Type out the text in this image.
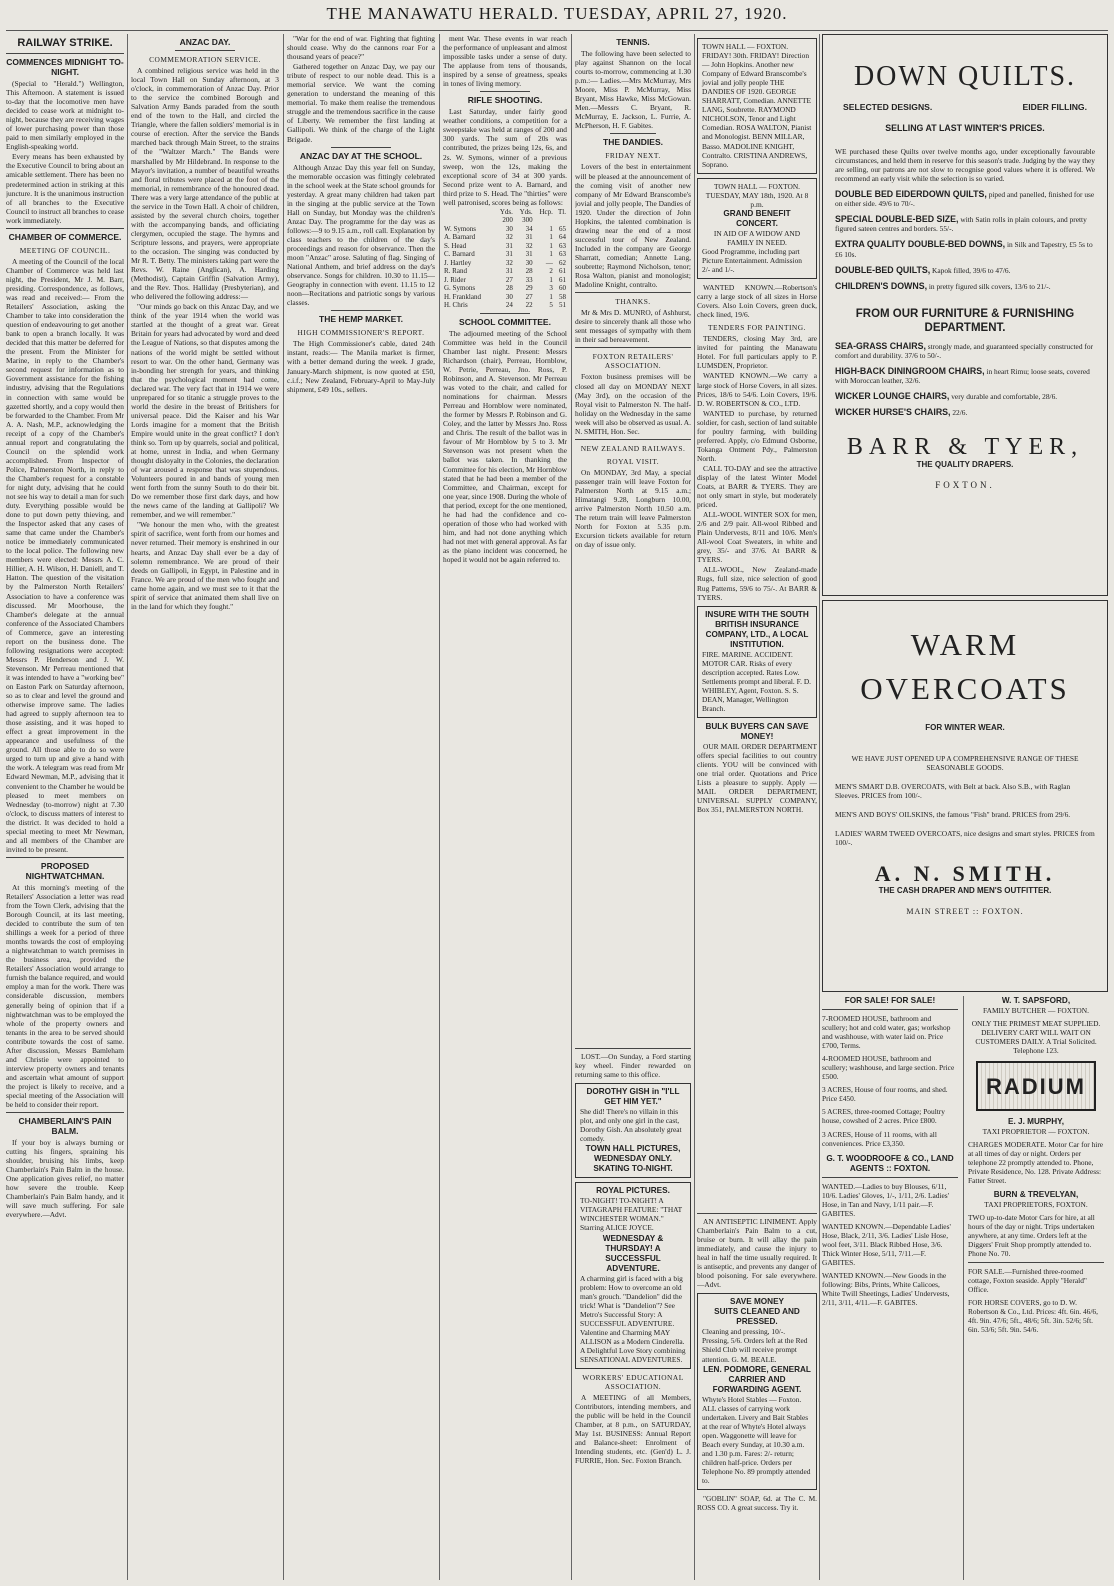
THE MANAWATU HERALD. TUESDAY, APRIL 27, 1920.
RAILWAY STRIKE.
COMMENCES MIDNIGHT TO-NIGHT.

(Special to "Herald.") Wellington, This Afternoon. A statement is issued to-day that the locomotive men have decided to cease work at midnight to-night, because they are receiving wages of lower purchasing power than those paid to men similarly employed in the English-speaking world.

Every means has been exhausted by the Executive Council to bring about an amicable settlement. There has been no predetermined action in striking at this juncture. It is the unanimous instruction of all branches to the Executive Council to instruct all branches to cease work immediately.

CHAMBER OF COMMERCE.
MEETING OF COUNCIL.

A meeting of the Council of the local Chamber of Commerce was held last night, the President, Mr J. M. Barr, presiding. Correspondence, as follows, was read and received:— From the Retailers' Association, asking the Chamber to take into consideration the question of endeavouring to get another bank to open a branch locally. It was decided that this matter be deferred for the present. From the Minister for Marine, in reply to the Chamber's second request for information as to Government assistance for the fishing industry, advising that the Regulations in connection with same would be gazetted shortly, and a copy would then be forwarded to the Chamber. From Mr A. A. Nash, M.P., acknowledging the receipt of a copy of the Chamber's annual report and congratulating the Council on the splendid work accomplished. From Inspector of Police, Palmerston North, in reply to the Chamber's request for a constable for night duty, advising that he could not see his way to detail a man for such duty. Everything possible would be done to put down petty thieving, and the Inspector asked that any cases of same that came under the Chamber's notice be immediately communicated to the local police. The following new members were elected: Messrs A. C. Hillier, A. H. Wilson, H. Daniell, and T. Hatton. The question of the visitation by the Palmerston North Retailers' Association to have a conference was discussed. Mr Moorhouse, the Chamber's delegate at the annual conference of the Associated Chambers of Commerce, gave an interesting report on the business done. The following resignations were accepted: Messrs P. Henderson and J. W. Stevenson. Mr Perreau mentioned that it was intended to have a "working bee" on Easton Park on Saturday afternoon, so as to clear and level the ground and otherwise improve same. The ladies had agreed to supply afternoon tea to those assisting, and it was hoped to effect a great improvement in the appearance and usefulness of the ground. All those able to do so were urged to turn up and give a hand with the work. A telegram was read from Mr Edward Newman, M.P., advising that it convenient to the Chamber he would be pleased to meet members on Wednesday (to-morrow) night at 7.30 o'clock, to discuss matters of interest to the district. It was decided to hold a special meeting to meet Mr Newman, and all members of the Chamber are invited to be present.

PROPOSED NIGHTWATCHMAN.

At this morning's meeting of the Retailers' Association a letter was read from the Town Clerk, advising that the Borough Council, at its last meeting, decided to contribute the sum of ten shillings a week for a period of three months towards the cost of employing a nightwatchman to watch premises in the business area, provided the Retailers' Association would arrange to furnish the balance required, and would employ a man for the work. There was considerable discussion, members generally being of opinion that if a nightwatchman was to be employed the whole of the property owners and tenants in the area to be served should contribute towards the cost of same. After discussion, Messrs Bamleham and Christie were appointed to interview property owners and tenants and ascertain what amount of support the project is likely to receive, and a special meeting of the Association will be held to consider their report.

CHAMBERLAIN'S PAIN BALM.

If your boy is always burning or cutting his fingers, spraining his shoulder, bruising his limbs, keep Chamberlain's Pain Balm in the house. One application gives relief, no matter how severe the trouble. Keep Chamberlain's Pain Balm handy, and it will save much suffering. For sale everywhere.—Advt.

ANZAC DAY.
COMMEMORATION SERVICE.

A combined religious service was held in the local Town Hall on Sunday afternoon, at 3 o'clock, in commemoration of Anzac Day. Prior to the service the combined Borough and Salvation Army Bands paraded from the south end of the town to the Hall, and circled the Triangle, where the fallen soldiers' memorial is in course of erection. After the service the Bands marched back through Main Street, to the strains of the "Waltzer March." The Bands were marshalled by Mr Hildebrand. In response to the Mayor's invitation, a number of beautiful wreaths and floral tributes were placed at the foot of the memorial, in remembrance of the honoured dead. There was a very large attendance of the public at the service in the Town Hall. A choir of children, assisted by the several church choirs, together with the accompanying bands, and officiating clergymen, occupied the stage. The hymns and Scripture lessons, and prayers, were appropriate to the occasion. The singing was conducted by Mr R. T. Betty. The ministers taking part were the Revs. W. Raine (Anglican), A. Harding (Methodist), Captain Griffin (Salvation Army), and the Rev. Thos. Halliday (Presbyterian), and who delivered the following address:—

"Our minds go back on this Anzac Day, and we think of the year 1914 when the world was startled at the thought of a great war. Great Britain for years had advocated by word and deed the League of Nations, so that disputes among the nations of the world might be settled without resort to war. On the other hand, Germany was in-bonding her strength for years, and thinking that the psychological moment had come, declared war. The very fact that in 1914 we were unprepared for so titanic a struggle proves to the world the desire in the breast of Britishers for universal peace. Did the Kaiser and his War Lords imagine for a moment that the British Empire would unite in the great conflict? I don't think so. Torn up by quarrels, social and political, at home, unrest in India, and when Germany thought disloyalty in the Colonies, the declaration of war aroused a response that was stupendous. Volunteers poured in and bands of young men went forth from the sunny South to do their bit. Do we remember those first dark days, and how the news came of the landing at Gallipoli? We remember, and we will remember."

"We honour the men who, with the greatest spirit of sacrifice, went forth from our homes and never returned. Their memory is enshrined in our hearts, and Anzac Day shall ever be a day of solemn remembrance. We are proud of their deeds on Gallipoli, in Egypt, in Palestine and in France. We are proud of the men who fought and came home again, and we must see to it that the spirit of service that animated them shall live on in the land for which they fought."

"War for the end of war. Fighting that fighting should cease. Why do the cannons roar For a thousand years of peace?"

Gathered together on Anzac Day, we pay our tribute of respect to our noble dead. This is a memorial service. We want the coming generation to understand the meaning of this memorial. To make them realise the tremendous struggle and the tremendous sacrifice in the cause of Liberty. We remember the first landing at Gallipoli. We think of the charge of the Light Brigade.

ANZAC DAY AT THE SCHOOL.

Although Anzac Day this year fell on Sunday, the memorable occasion was fittingly celebrated in the school week at the State school grounds for yesterday. A great many children had taken part in the singing at the public service at the Town Hall on Sunday, but Monday was the children's Anzac Day. The programme for the day was as follows:—9 to 9.15 a.m., roll call. Explanation by class teachers to the children of the day's proceedings and reason for observance. Then the moon "Anzac" arose. Saluting of flag. Singing of National Anthem, and brief address on the day's observance. Songs for children. 10.30 to 11.15—Geography in connection with event. 11.15 to 12 noon—Recitations and patriotic songs by various classes.

THE HEMP MARKET.
HIGH COMMISSIONER'S REPORT.

The High Commissioner's cable, dated 24th instant, reads:— The Manila market is firmer, with a better demand during the week. J grade, January-March shipment, is now quoted at £50, c.i.f.; New Zealand, February-April to May-July shipment, £49 10s., sellers.

ment War. These events in war reach the performance of unpleasant and almost impossible tasks under a sense of duty. The applause from tens of thousands, inspired by a sense of greatness, speaks in tones of living memory.

RIFLE SHOOTING.

Last Saturday, under fairly good weather conditions, a competition for a sweepstake was held at ranges of 200 and 300 yards. The sum of 20s was contributed, the prizes being 12s, 6s, and 2s. W. Symons, winner of a previous sweep, won the 12s, making the exceptional score of 34 at 300 yards. Second prize went to A. Barnard, and third prize to S. Head. The "thirties" were well patronised, scores being as follows:

	Yds.	Yds.	Hcp.	Tl.
	200	300		
W. Symons	30	34	1	65
A. Barnard	32	31	1	64
S. Head	31	32	1	63
C. Barnard	31	31	1	63
J. Hartley	32	30	—	62
R. Rand	31	28	2	61
J. Rider	27	33	1	61
G. Symons	28	29	3	60
H. Frankland	30	27	1	58
H. Chris	24	22	5	51
SCHOOL COMMITTEE.

The adjourned meeting of the School Committee was held in the Council Chamber last night. Present: Messrs Richardson (chair), Perreau, Hornblow, W. Petrie, Perreau, Jno. Ross, P. Robinson, and A. Stevenson. Mr Perreau was voted to the chair, and called for nominations for chairman. Messrs Perreau and Hornblow were nominated, the former by Messrs P. Robinson and G. Coley, and the latter by Messrs Jno. Ross and Chris. The result of the ballot was in favour of Mr Hornblow by 5 to 3. Mr Stevenson was not present when the ballot was taken. In thanking the Committee for his election, Mr Hornblow stated that he had been a member of the Committee, and Chairman, except for one year, since 1908. During the whole of that period, except for the one mentioned, he had had the confidence and co-operation of those who had worked with him, and had not done anything which had not met with general approval. As far as the piano incident was concerned, he hoped it would not be again referred to.

TENNIS.

The following have been selected to play against Shannon on the local courts to-morrow, commencing at 1.30 p.m.:— Ladies.—Mrs McMurray, Mrs Moore, Miss P. McMurray, Miss Bryant, Miss Hawke, Miss McGowan. Men.—Messrs C. Bryant, R. McMurray, E. Jackson, L. Furrie, A. McPherson, H. F. Gabites.

THE DANDIES.
FRIDAY NEXT.

Lovers of the best in entertainment will be pleased at the announcement of the coming visit of another new company of Mr Edward Branscombe's jovial and jolly people, The Dandies of 1920. Under the direction of John Hopkins, the talented combination is drawing near the end of a most successful tour of New Zealand. Included in the company are George Sharratt, comedian; Annette Lang, soubrette; Raymond Nicholson, tenor; Rosa Walton, pianist and monologist; Madoline Knight, contralto.

THANKS.

Mr & Mrs D. MUNRO, of Ashhurst, desire to sincerely thank all those who sent messages of sympathy with them in their sad bereavement.

FOXTON RETAILERS' ASSOCIATION.

Foxton business premises will be closed all day on MONDAY NEXT (May 3rd), on the occasion of the Royal visit to Palmerston N. The half-holiday on the Wednesday in the same week will also be observed as usual. A. N. SMITH, Hon. Sec.

NEW ZEALAND RAILWAYS.
ROYAL VISIT.

On MONDAY, 3rd May, a special passenger train will leave Foxton for Palmerston North at 9.15 a.m.; Himatangi 9.28, Longburn 10.00, arrive Palmerston North 10.50 a.m. The return train will leave Palmerston North for Foxton at 5.35 p.m. Excursion tickets available for return on day of issue only.

TOWN HALL — FOXTON. FRIDAY! 30th. FRIDAY! Direction — John Hopkins. Another new Company of Edward Branscombe's jovial and jolly people THE DANDIES OF 1920. GEORGE SHARRATT, Comedian. ANNETTE LANG, Soubrette. RAYMOND NICHOLSON, Tenor and Light Comedian. ROSA WALTON, Pianist and Monologist. BENN MILLAR, Basso. MADOLINE KNIGHT, Contralto. CRISTINA ANDREWS, Soprano.

TOWN HALL — FOXTON.
TUESDAY, MAY 18th, 1920. At 8 p.m.
GRAND BENEFIT CONCERT.
IN AID OF A WIDOW AND FAMILY IN NEED.

Good Programme, including part Picture Entertainment. Admission 2/- and 1/-.

WANTED KNOWN.—Robertson's carry a large stock of all sizes in Horse Covers. Also Loin Covers, green duck, check lined, 19/6.

TENDERS FOR PAINTING.

TENDERS, closing May 3rd, are invited for painting the Manawatu Hotel. For full particulars apply to P. LUMSDEN, Proprietor.

WANTED KNOWN.—We carry a large stock of Horse Covers, in all sizes. Prices, 18/6 to 54/6. Loin Covers, 19/6. D. W. ROBERTSON & CO., LTD.

WANTED to purchase, by returned soldier, for cash, section of land suitable for poultry farming, with building preferred. Apply, c/o Edmund Osborne, Tokanga Ontment Pdy., Palmerston North.

CALL TO-DAY and see the attractive display of the latest Winter Model Coats, at BARR & TYERS. They are not only smart in style, but moderately priced.

ALL-WOOL WINTER SOX for men, 2/6 and 2/9 pair. All-wool Ribbed and Plain Undervests, 8/11 and 10/6. Men's All-wool Coat Sweaters, in white and grey, 35/- and 37/6. At BARR & TYERS.

ALL-WOOL, New Zealand-made Rugs, full size, nice selection of good Rug Patterns, 59/6 to 75/-. At BARR & TYERS.

INSURE WITH THE SOUTH BRITISH INSURANCE COMPANY, LTD., A LOCAL INSTITUTION.

FIRE. MARINE. ACCIDENT. MOTOR CAR. Risks of every description accepted. Rates Low. Settlements prompt and liberal. F. D. WHIBLEY, Agent, Foxton. S. S. DEAN, Manager, Wellington Branch.

BULK BUYERS CAN SAVE MONEY!

OUR MAIL ORDER DEPARTMENT offers special facilities to out country clients. YOU will be convinced with one trial order. Quotations and Price Lists a pleasure to supply. Apply — MAIL ORDER DEPARTMENT, UNIVERSAL SUPPLY COMPANY, Box 351, PALMERSTON NORTH.

LOST.—On Sunday, a Ford starting key wheel. Finder rewarded on returning same to this office.

DOROTHY GISH in "I'LL GET HIM YET."

She did! There's no villain in this plot, and only one girl in the cast, Dorothy Gish. An absolutely great comedy.

TOWN HALL PICTURES, WEDNESDAY ONLY.
SKATING TO-NIGHT.
ROYAL PICTURES.

TO-NIGHT! TO-NIGHT! A VITAGRAPH FEATURE: "THAT WINCHESTER WOMAN." Starring ALICE JOYCE.

WEDNESDAY & THURSDAY! A SUCCESSFUL ADVENTURE.

A charming girl is faced with a big problem: How to overcome an old man's grouch. "Dandelion" did the trick! What is "Dandelion"? See Metro's Successful Story: A SUCCESSFUL ADVENTURE. Valentine and Charming MAY ALLISON as a Modern Cinderella. A Delightful Love Story combining SENSATIONAL ADVENTURES.

WORKERS' EDUCATIONAL ASSOCIATION.

A MEETING of all Members, Contributors, intending members, and the public will be held in the Council Chamber, at 8 p.m., on SATURDAY, May 1st. BUSINESS: Annual Report and Balance-sheet: Enrolment of Intending students, etc. (Gen'd) L. J. FURRIE, Hon. Sec. Foxton Branch.

AN ANTISEPTIC LINIMENT. Apply Chamberlain's Pain Balm to a cut, bruise or burn. It will allay the pain immediately, and cause the injury to heal in half the time usually required. It is antiseptic, and prevents any danger of blood poisoning. For sale everywhere.—Advt.

SAVE MONEY
SUITS CLEANED AND PRESSED.

Cleaning and pressing, 10/-. Pressing, 5/6. Orders left at the Red Shield Club will receive prompt attention. G. M. BEALE.

LEN. PODMORE, GENERAL CARRIER AND FORWARDING AGENT.

Whyte's Hotel Stables — Foxton. ALL classes of carrying work undertaken. Livery and Bait Stables at the rear of Whyte's Hotel always open. Waggonette will leave for Beach every Sunday, at 10.30 a.m. and 1.30 p.m. Fares: 2/- return; children half-price. Orders per Telephone No. 89 promptly attended to.

"GOBLIN" SOAP, 6d. at The C. M. ROSS CO. A great success. Try it.

DOWN QUILTS.
SELECTED DESIGNS.	EIDER FILLING.
SELLING AT LAST WINTER'S PRICES.
WE purchased these Quilts over twelve months ago, under exceptionally favourable circumstances, and held them in reserve for this season's trade. Judging by the way they are selling, our patrons are not slow to recognise good values where it is offered. We recommend an early visit while the selection is so varied.
DOUBLE BED EIDERDOWN QUILTS, piped and panelled, finished for use on either side. 49/6 to 70/-.
SPECIAL DOUBLE-BED SIZE, with Satin rolls in plain colours, and pretty figured sateen centres and borders. 55/-.
EXTRA QUALITY DOUBLE-BED DOWNS, in Silk and Tapestry, £5 5s to £6 10s.
DOUBLE-BED QUILTS, Kapok filled, 39/6 to 47/6.
CHILDREN'S DOWNS, in pretty figured silk covers, 13/6 to 21/-.
FROM OUR FURNITURE & FURNISHING DEPARTMENT.
SEA-GRASS CHAIRS, strongly made, and guaranteed specially constructed for comfort and durability. 37/6 to 50/-.
HIGH-BACK DININGROOM CHAIRS, in heart Rimu; loose seats, covered with Moroccan leather, 32/6.
WICKER LOUNGE CHAIRS, very durable and comfortable, 28/6.
WICKER HURSE'S CHAIRS, 22/6.
BARR & TYER,
THE QUALITY DRAPERS.
FOXTON.
WARM
OVERCOATS
FOR WINTER WEAR.
WE HAVE JUST OPENED UP A COMPREHENSIVE RANGE OF THESE SEASONABLE GOODS.
MEN'S SMART D.B. OVERCOATS, with Belt at back. Also S.B., with Raglan Sleeves. PRICES from 100/-.
MEN'S AND BOYS' OILSKINS, the famous "Fish" brand. PRICES from 29/6.
LADIES' WARM TWEED OVERCOATS, nice designs and smart styles. PRICES from 100/-.
A. N. SMITH.
THE CASH DRAPER AND MEN'S OUTFITTER.
MAIN STREET :: FOXTON.
FOR SALE! FOR SALE!

7-ROOMED HOUSE, bathroom and scullery; hot and cold water, gas; workshop and washhouse, with water laid on. Price £700, Terms.

4-ROOMED HOUSE, bathroom and scullery; washhouse, and large section. Price £500.

3 ACRES, House of four rooms, and shed. Price £450.

5 ACRES, three-roomed Cottage; Poultry house, cowshed of 2 acres. Price £800.

3 ACRES, House of 11 rooms, with all conveniences. Price £3,350.

G. T. WOODROOFE & CO., LAND AGENTS :: FOXTON.

WANTED.—Ladies to buy Blouses, 6/11, 10/6. Ladies' Gloves, 1/-, 1/11, 2/6. Ladies' Hose, in Tan and Navy, 1/11 pair.—F. GABITES.

WANTED KNOWN.—Dependable Ladies' Hose, Black, 2/11, 3/6. Ladies' Lisle Hose, wool feet, 3/11. Black Ribbed Hose, 3/6. Thick Winter Hose, 5/11, 7/11.—F. GABITES.

WANTED KNOWN.—New Goods in the following: Bibs, Prints, White Calicoes, White Twill Sheetings, Ladies' Undervests, 2/11, 3/11, 4/11.—F. GABITES.

W. T. SAPSFORD,
FAMILY BUTCHER — FOXTON.

ONLY THE PRIMEST MEAT SUPPLIED. DELIVERY CART WILL WAIT ON CUSTOMERS DAILY. A Trial Solicited. Telephone 123.

RADIUM
E. J. MURPHY,
TAXI PROPRIETOR — FOXTON.

CHARGES MODERATE. Motor Car for hire at all times of day or night. Orders per telephone 22 promptly attended to. Phone, Private Residence, No. 128. Private Address: Fatter Street.

BURN & TREVELYAN,
TAXI PROPRIETORS, FOXTON.

TWO up-to-date Motor Cars for hire, at all hours of the day or night. Trips undertaken anywhere, at any time. Orders left at the Diggers' Fruit Shop promptly attended to. Phone No. 70.

FOR SALE.—Furnished three-roomed cottage, Foxton seaside. Apply "Herald" Office.

FOR HORSE COVERS, go to D. W. Robertson & Co., Ltd. Prices: 4ft. 6in. 46/6, 4ft. 9in. 47/6; 5ft., 48/6; 5ft. 3in. 52/6; 5ft. 6in. 53/6; 5ft. 9in. 54/6.
